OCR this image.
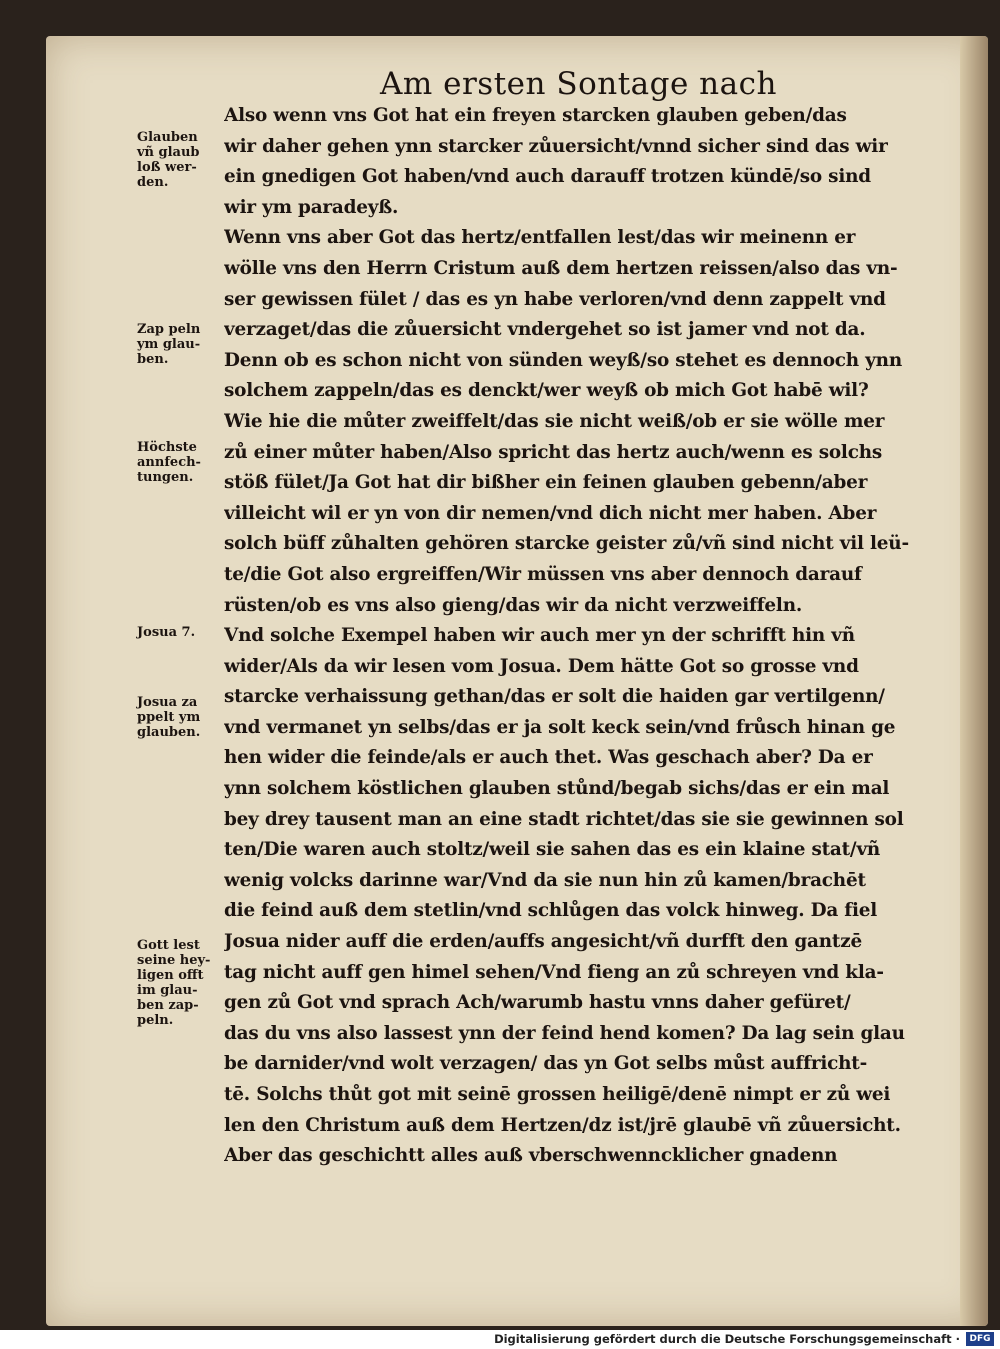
Am ersten Sontage nach
Glauben
vñ glaub
loß wer‑
den.
Zap peln
ym glau‑
ben.
Höchste
annfech‑
tungen.
Josua 7.
Josua za
ppelt ym
glauben.
Gott lest
seine hey‑
ligen offt
im glau‑
ben zap‑
peln.
Also wenn vns Got hat ein freyen starcken glauben geben/das
wir daher gehen ynn starcker zůuersicht/vnnd sicher sind das wir
ein gnedigen Got haben/vnd auch darauff trotzen kündē/so sind
wir ym paradeyß.
Wenn vns aber Got das hertz/entfallen lest/das wir meinenn er
wölle vns den Herrn Cristum auß dem hertzen reissen/also das vn‑
ser gewissen fület / das es yn habe verloren/vnd denn zappelt vnd
verzaget/das die zůuersicht vndergehet so ist jamer vnd not da.
Denn ob es schon nicht von sünden weyß/so stehet es dennoch ynn
solchem zappeln/das es denckt/wer weyß ob mich Got habē wil?
Wie hie die můter zweiffelt/das sie nicht weiß/ob er sie wölle mer
zů einer můter haben/Also spricht das hertz auch/wenn es solchs
stöß fület/Ja Got hat dir bißher ein feinen glauben gebenn/aber
villeicht wil er yn von dir nemen/vnd dich nicht mer haben. Aber
solch büff zůhalten gehören starcke geister zů/vñ sind nicht vil leü‑
te/die Got also ergreiffen/Wir müssen vns aber dennoch darauf
rüsten/ob es vns also gieng/das wir da nicht verzweiffeln.
Vnd solche Exempel haben wir auch mer yn der schrifft hin vñ
wider/Als da wir lesen vom Josua. Dem hätte Got so grosse vnd
starcke verhaissung gethan/das er solt die haiden gar vertilgenn/
vnd vermanet yn selbs/das er ja solt keck sein/vnd frůsch hinan ge
hen wider die feinde/als er auch thet. Was geschach aber? Da er
ynn solchem köstlichen glauben stůnd/begab sichs/das er ein mal
bey drey tausent man an eine stadt richtet/das sie sie gewinnen sol
ten/Die waren auch stoltz/weil sie sahen das es ein klaine stat/vñ
wenig volcks darinne war/Vnd da sie nun hin zů kamen/brachēt
die feind auß dem stetlin/vnd schlůgen das volck hinweg. Da fiel
Josua nider auff die erden/auffs angesicht/vñ durfft den gantzē
tag nicht auff gen himel sehen/Vnd fieng an zů schreyen vnd kla‑
gen zů Got vnd sprach Ach/warumb hastu vnns daher gefüret/
das du vns also lassest ynn der feind hend komen? Da lag sein glau
be darnider/vnd wolt verzagen/ das yn Got selbs můst auffricht‑
tē. Solchs thůt got mit seinē grossen heiligē/denē nimpt er zů wei
len den Christum auß dem Hertzen/dz ist/jrē glaubē vñ zůuersicht.
Aber das geschichtt alles auß vberschwenncklicher gnadenn
Digitalisierung gefördert durch die Deutsche Forschungsgemeinschaft ·	DFG
